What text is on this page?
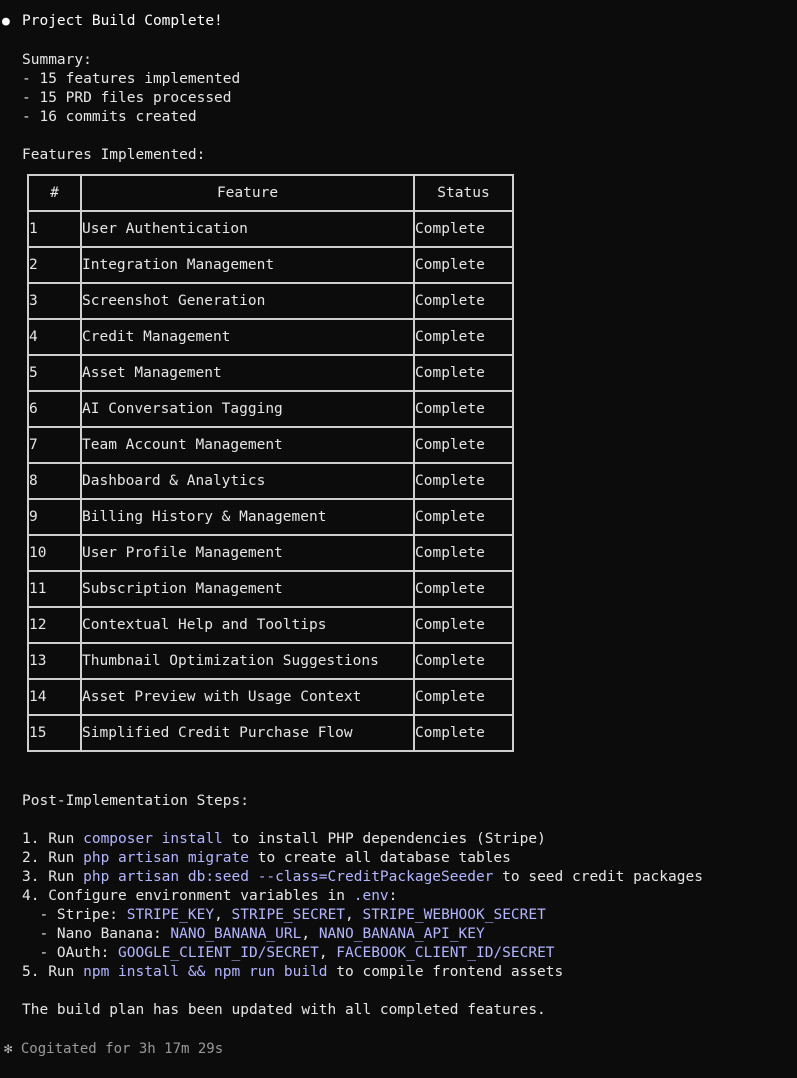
● Project Build Complete!
Summary:
- 15 features implemented
- 15 PRD files processed
- 16 commits created
Features Implemented:
#	Feature	Status
1	User Authentication	Complete
2	Integration Management	Complete
3	Screenshot Generation	Complete
4	Credit Management	Complete
5	Asset Management	Complete
6	AI Conversation Tagging	Complete
7	Team Account Management	Complete
8	Dashboard & Analytics	Complete
9	Billing History & Management	Complete
10	User Profile Management	Complete
11	Subscription Management	Complete
12	Contextual Help and Tooltips	Complete
13	Thumbnail Optimization Suggestions	Complete
14	Asset Preview with Usage Context	Complete
15	Simplified Credit Purchase Flow	Complete
Post-Implementation Steps:
1. Run composer install to install PHP dependencies (Stripe)
2. Run php artisan migrate to create all database tables
3. Run php artisan db:seed --class=CreditPackageSeeder to seed credit packages
4. Configure environment variables in .env:
- Stripe: STRIPE_KEY, STRIPE_SECRET, STRIPE_WEBHOOK_SECRET
- Nano Banana: NANO_BANANA_URL, NANO_BANANA_API_KEY
- OAuth: GOOGLE_CLIENT_ID/SECRET, FACEBOOK_CLIENT_ID/SECRET
5. Run npm install && npm run build to compile frontend assets
The build plan has been updated with all completed features.
✻ Cogitated for 3h 17m 29s
